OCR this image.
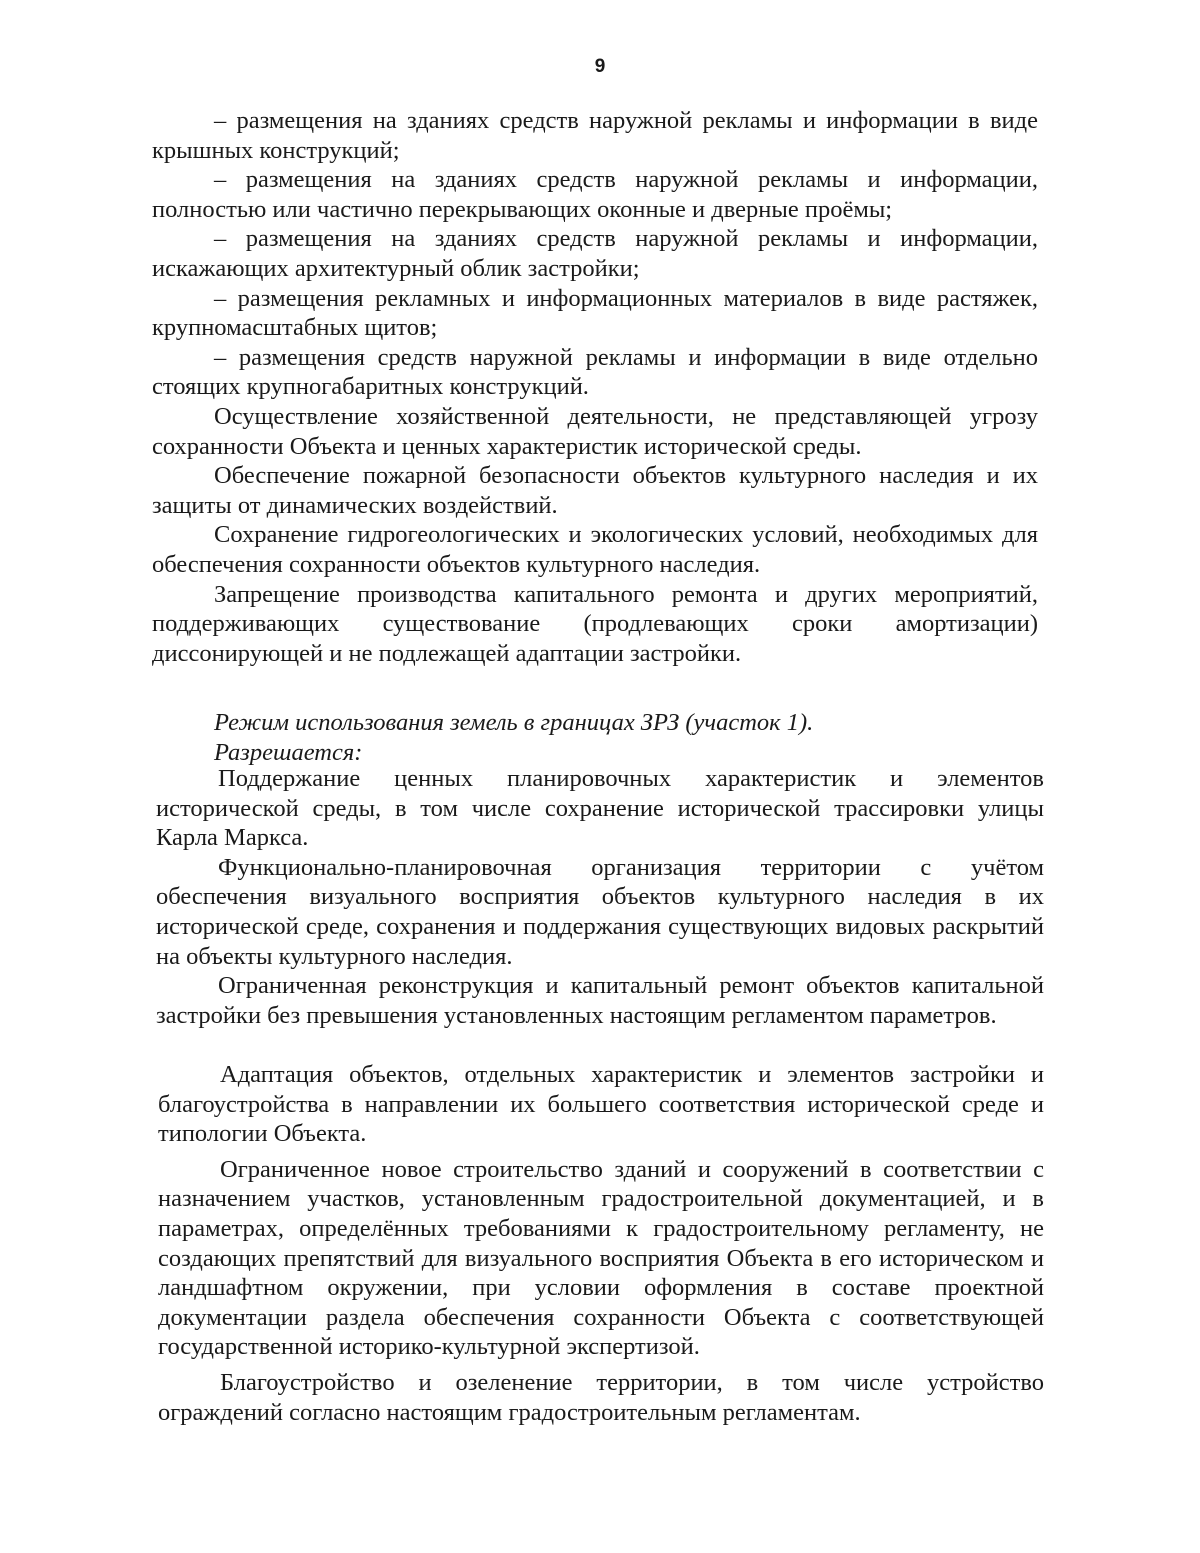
9

– размещения на зданиях средств наружной рекламы и информации в виде крышных конструкций;

– размещения на зданиях средств наружной рекламы и информации, полностью или частично перекрывающих оконные и дверные проёмы;

– размещения на зданиях средств наружной рекламы и информации, искажающих архитектурный облик застройки;

– размещения рекламных и информационных материалов в виде растяжек, крупномасштабных щитов;

– размещения средств наружной рекламы и информации в виде отдельно стоящих крупногабаритных конструкций.

Осуществление хозяйственной деятельности, не представляющей угрозу сохранности Объекта и ценных характеристик исторической среды.

Обеспечение пожарной безопасности объектов культурного наследия и их защиты от динамических воздействий.

Сохранение гидрогеологических и экологических условий, необходимых для обеспечения сохранности объектов культурного наследия.

Запрещение производства капитального ремонта и других мероприятий, поддерживающих существование (продлевающих сроки амортизации) диссонирующей и не подлежащей адаптации застройки.

Режим использования земель в границах ЗРЗ (участок 1).

Разрешается:

Поддержание ценных планировочных характеристик и элементов исторической среды, в том числе сохранение исторической трассировки улицы Карла Маркса.

Функционально-планировочная организация территории с учётом обеспечения визуального восприятия объектов культурного наследия в их исторической среде, сохранения и поддержания существующих видовых раскрытий на объекты культурного наследия.

Ограниченная реконструкция и капитальный ремонт объектов капитальной застройки без превышения установленных настоящим регламентом параметров.

Адаптация объектов, отдельных характеристик и элементов застройки и благоустройства в направлении их большего соответствия исторической среде и типологии Объекта.

Ограниченное новое строительство зданий и сооружений в соответствии с назначением участков, установленным градостроительной документацией, и в параметрах, определённых требованиями к градостроительному регламенту, не создающих препятствий для визуального восприятия Объекта в его историческом и ландшафтном окружении, при условии оформления в составе проектной документации раздела обеспечения сохранности Объекта с соответствующей государственной историко-культурной экспертизой.

Благоустройство и озеленение территории, в том числе устройство ограждений согласно настоящим градостроительным регламентам.
